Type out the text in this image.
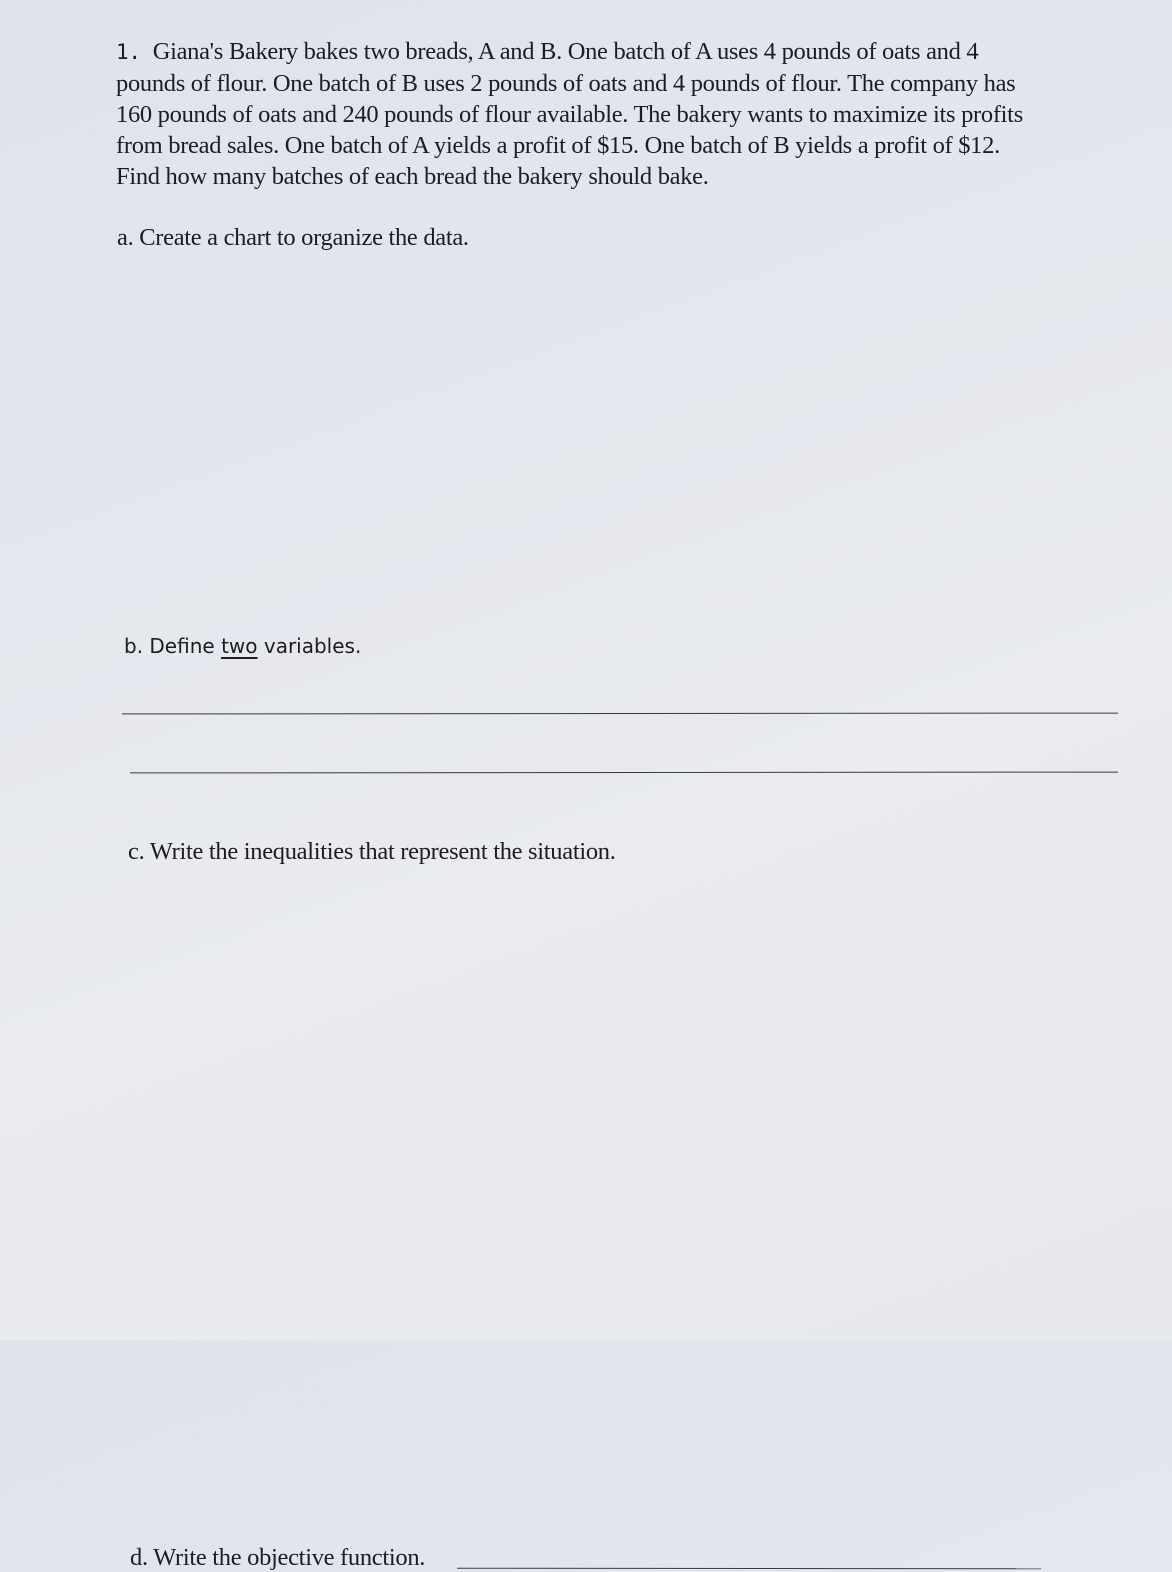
1. Giana's Bakery bakes two breads, A and B. One batch of A uses 4 pounds of oats and 4
pounds of flour. One batch of B uses 2 pounds of oats and 4 pounds of flour. The company has
160 pounds of oats and 240 pounds of flour available. The bakery wants to maximize its profits
from bread sales. One batch of A yields a profit of $15. One batch of B yields a profit of $12.
Find how many batches of each bread the bakery should bake.

a. Create a chart to organize the data.

b. Define two variables.

c. Write the inequalities that represent the situation.

d. Write the objective function.
